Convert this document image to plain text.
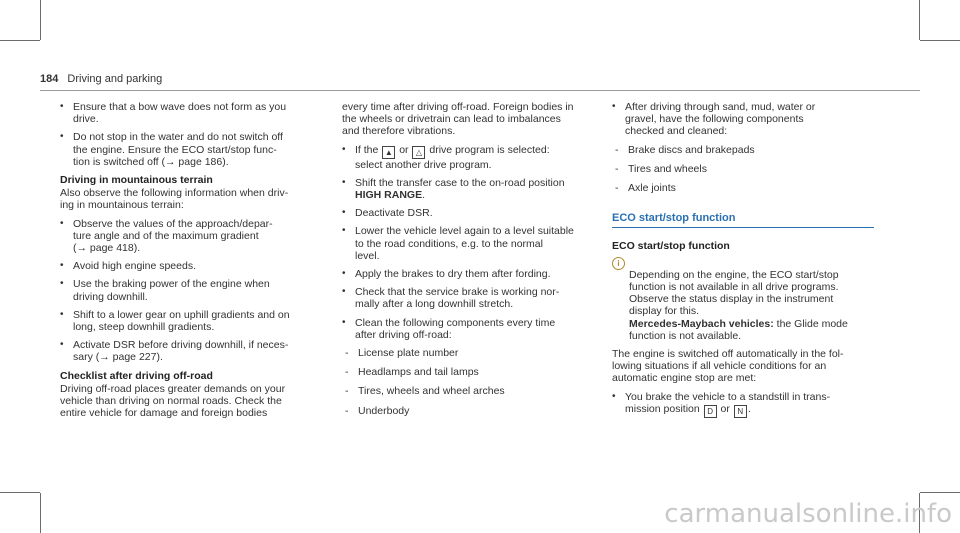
184 Driving and parking
• Ensure that a bow wave does not form as you
drive.
• Do not stop in the water and do not switch off
the engine. Ensure the ECO start/stop func-
tion is switched off (→ page 186).
Driving in mountainous terrain
Also observe the following information when driv-
ing in mountainous terrain:
• Observe the values of the approach/depar-
ture angle and of the maximum gradient
(→ page 418).
• Avoid high engine speeds.
• Use the braking power of the engine when
driving downhill.
• Shift to a lower gear on uphill gradients and on
long, steep downhill gradients.
• Activate DSR before driving downhill, if neces-
sary (→ page 227).
Checklist after driving off-road
Driving off-road places greater demands on your
vehicle than driving on normal roads. Check the
entire vehicle for damage and foreign bodies
every time after driving off-road. Foreign bodies in
the wheels or drivetrain can lead to imbalances
and therefore vibrations.
• If the ▲ or △ drive program is selected:
select another drive program.
• Shift the transfer case to the on-road position
HIGH RANGE.
• Deactivate DSR.
• Lower the vehicle level again to a level suitable
to the road conditions, e.g. to the normal
level.
• Apply the brakes to dry them after fording.
• Check that the service brake is working nor-
mally after a long downhill stretch.
• Clean the following components every time
after driving off-road:
- License plate number
- Headlamps and tail lamps
- Tires, wheels and wheel arches
- Underbody
• After driving through sand, mud, water or
gravel, have the following components
checked and cleaned:
- Brake discs and brakepads
- Tires and wheels
- Axle joints
ECO start/stop function
ECO start/stop function

i
Depending on the engine, the ECO start/stop
function is not available in all drive programs.
Observe the status display in the instrument
display for this.
Mercedes-Maybach vehicles: the Glide mode
function is not available.

The engine is switched off automatically in the fol-
lowing situations if all vehicle conditions for an
automatic engine stop are met:
• You brake the vehicle to a standstill in trans-
mission position D or N .
carmanualsonline.info
